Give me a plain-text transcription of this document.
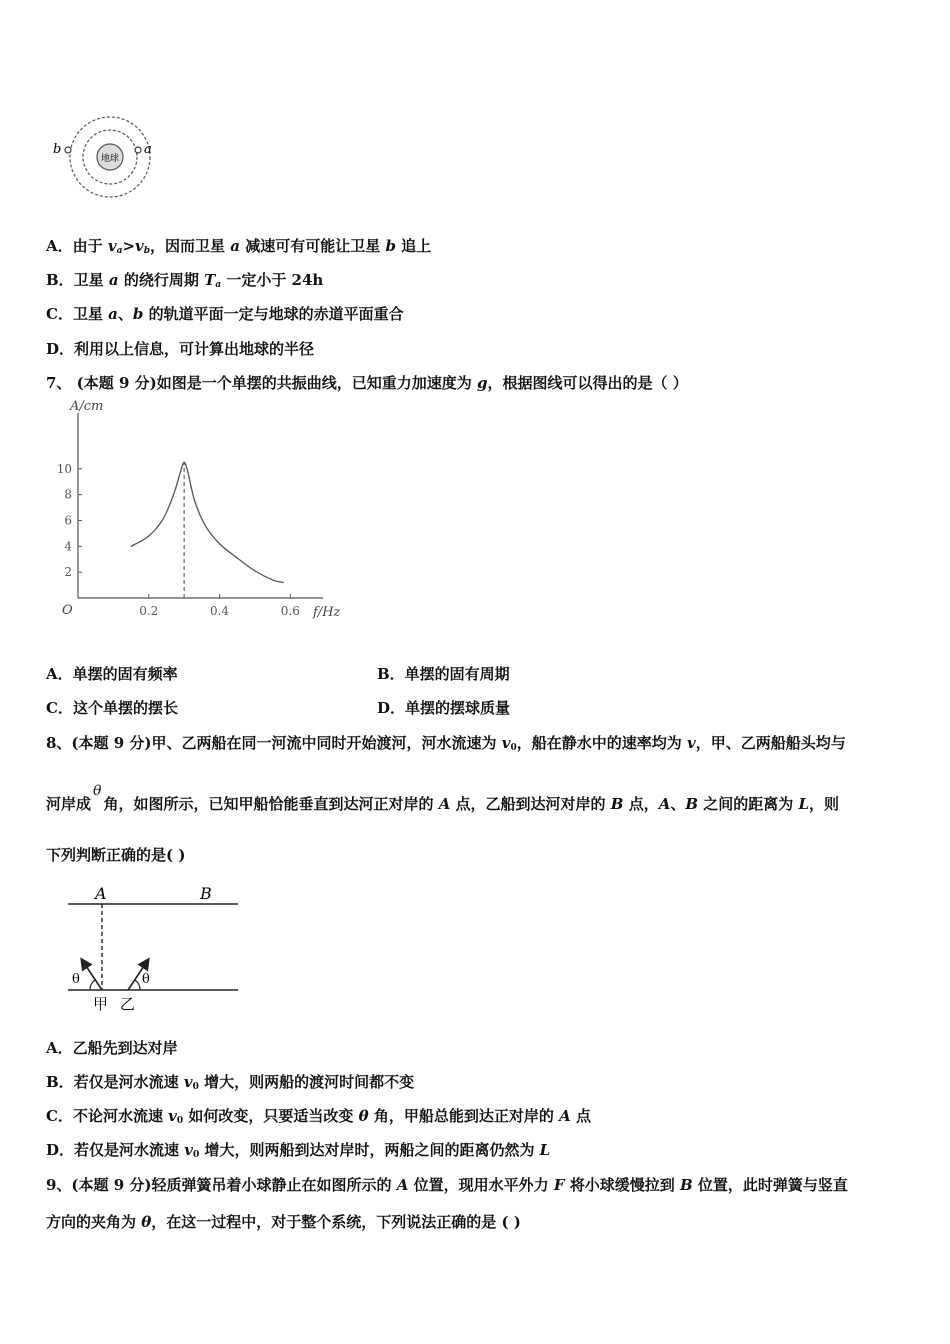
地球
a
b
A．由于 $v_a>v_b$，因而卫星 a 减速可有可能让卫星 b 追上
B．卫星 a 的绕行周期 $T_a$ 一定小于 24h
C．卫星 a、b 的轨道平面一定与地球的赤道平面重合
D．利用以上信息，可计算出地球的半径
7、 (本题 9 分)如图是一个单摆的共振曲线，已知重力加速度为 g，根据图线可以得出的是（ ）
2
4
6
8
10
0.2	0.4	0.6
A/cm
f/Hz
O
A．单摆的固有频率	B．单摆的固有周期
C．这个单摆的摆长	D．单摆的摆球质量
8、(本题 9 分)甲、乙两船在同一河流中同时开始渡河，河水流速为 $v_0$，船在静水中的速率均为 v，甲、乙两船船头均与
河岸成θ角，如图所示，已知甲船恰能垂直到达河正对岸的 A 点，乙船到达河对岸的 B 点，A、B 之间的距离为 L，则
下列判断正确的是( )
A	B
θ	θ
甲 乙
A．乙船先到达对岸
B．若仅是河水流速 $v_0$ 增大，则两船的渡河时间都不变
C．不论河水流速 $v_0$ 如何改变，只要适当改变 θ 角，甲船总能到达正对岸的 A 点
D．若仅是河水流速 $v_0$ 增大，则两船到达对岸时，两船之间的距离仍然为 L
9、(本题 9 分)轻质弹簧吊着小球静止在如图所示的 A 位置，现用水平外力 F 将小球缓慢拉到 B 位置，此时弹簧与竖直
方向的夹角为 θ，在这一过程中，对于整个系统，下列说法正确的是 ( )
